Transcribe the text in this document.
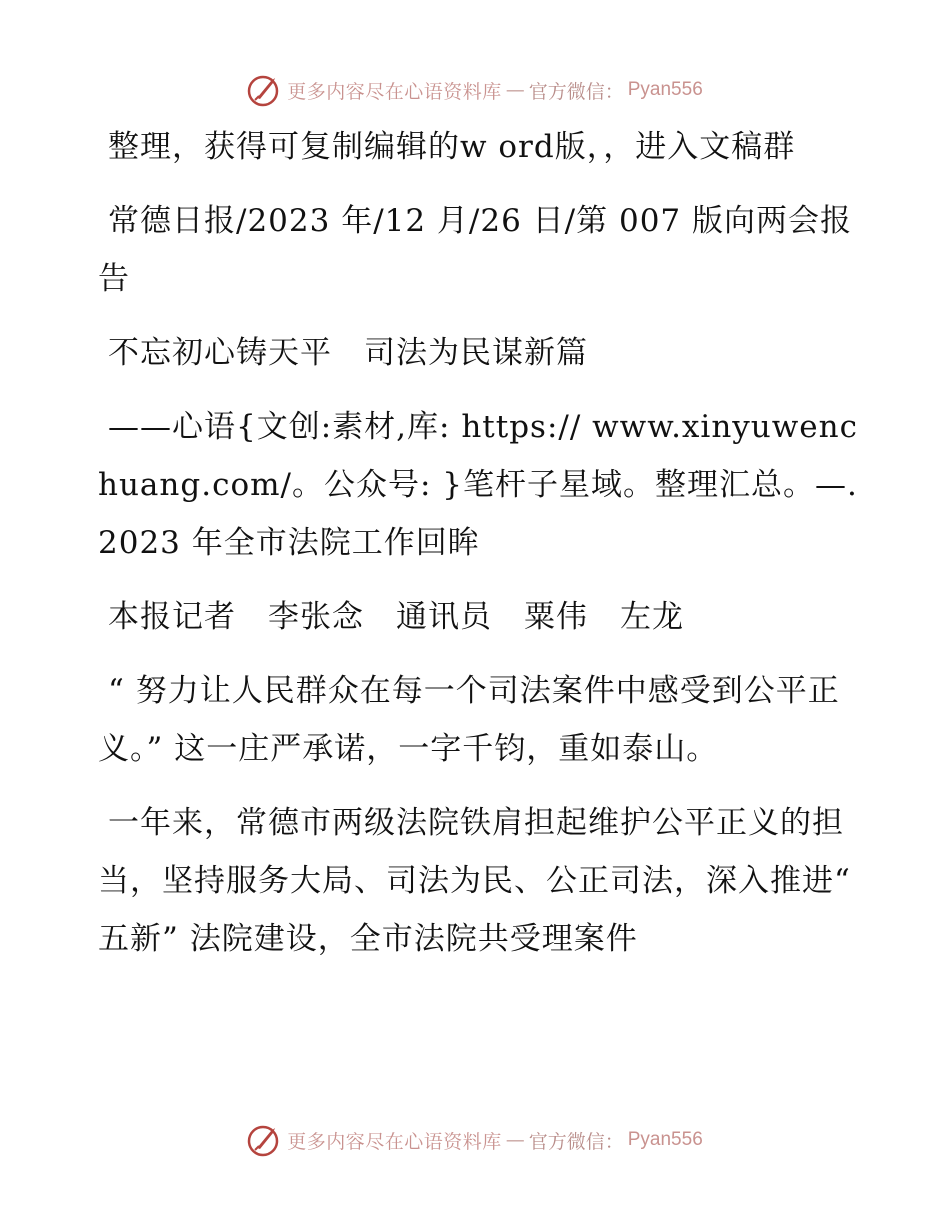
更多内容尽在心语资料库 — 官方微信： Pyan556

整理，获得可复制编辑的w ord版，，进入文稿群

常德日报/2023 年/12 月/26 日/第 007 版向两会报告

不忘初心铸天平　司法为民谋新篇

——心语{文创:素材,库: https:// www.xinyuwenchuang.com/。公众号: }笔杆子星域。整理汇总。—.2023 年全市法院工作回眸

本报记者　李张念　通讯员　粟伟　左龙

“ 努力让人民群众在每一个司法案件中感受到公平正义。” 这一庄严承诺，一字千钧，重如泰山。

一年来，常德市两级法院铁肩担起维护公平正义的担当，坚持服务大局、司法为民、公正司法，深入推进“ 五新” 法院建设，全市法院共受理案件

更多内容尽在心语资料库 — 官方微信： Pyan556
